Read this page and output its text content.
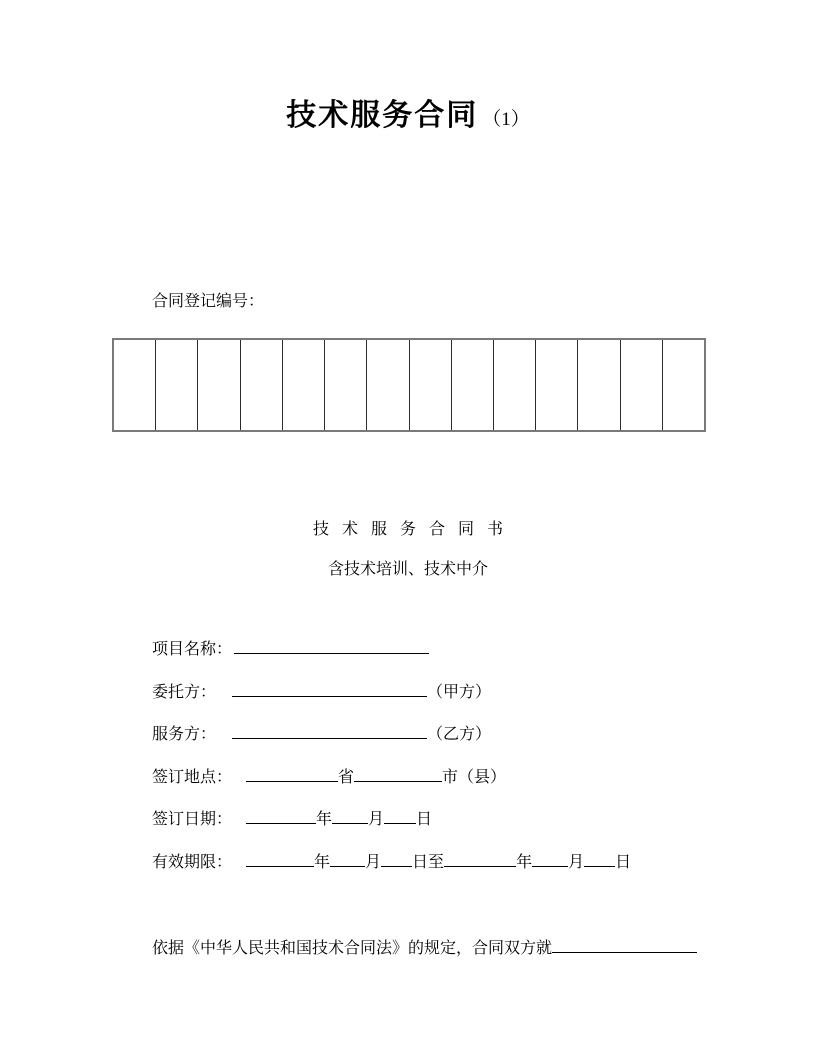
技术服务合同 （1）
合同登记编号：
技 术 服 务 合 同 书
含技术培训、技术中介
项目名称：
委托方：	（甲方）
服务方：	（乙方）
签订地点：	省	市（县）
签订日期：	年 月 日
有效期限：	年 月 日至	年 月 日
依据《中华人民共和国技术合同法》的规定，合同双方就
